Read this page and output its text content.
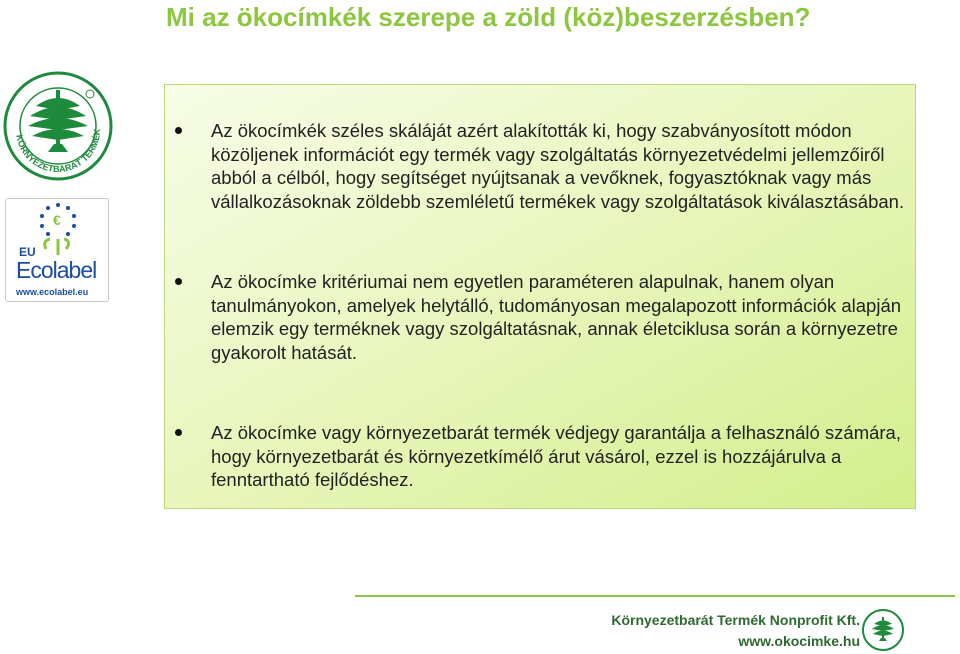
Mi az ökocímkék szerepe a zöld (köz)beszerzésben?
KÖRNYEZETBARÁT TERMÉK
€
EU
Ecolabel
www.ecolabel.eu
Az ökocímkék széles skáláját azért alakították ki, hogy szabványosított módon közöljenek információt egy termék vagy szolgáltatás környezetvédelmi jellemzőiről abból a célból, hogy segítséget nyújtsanak a vevőknek, fogyasztóknak vagy más vállalkozásoknak zöldebb szemléletű termékek vagy szolgáltatások kiválasztásában.
Az ökocímke kritériumai nem egyetlen paraméteren alapulnak, hanem olyan tanulmányokon, amelyek helytálló, tudományosan megalapozott információk alapján elemzik egy terméknek vagy szolgáltatásnak, annak életciklusa során a környezetre gyakorolt hatását.
Az ökocímke vagy környezetbarát termék védjegy garantálja a felhasználó számára, hogy környezetbarát és környezetkímélő árut vásárol, ezzel is hozzájárulva a fenntartható fejlődéshez.
Környezetbarát Termék Nonprofit Kft.
www.okocimke.hu
